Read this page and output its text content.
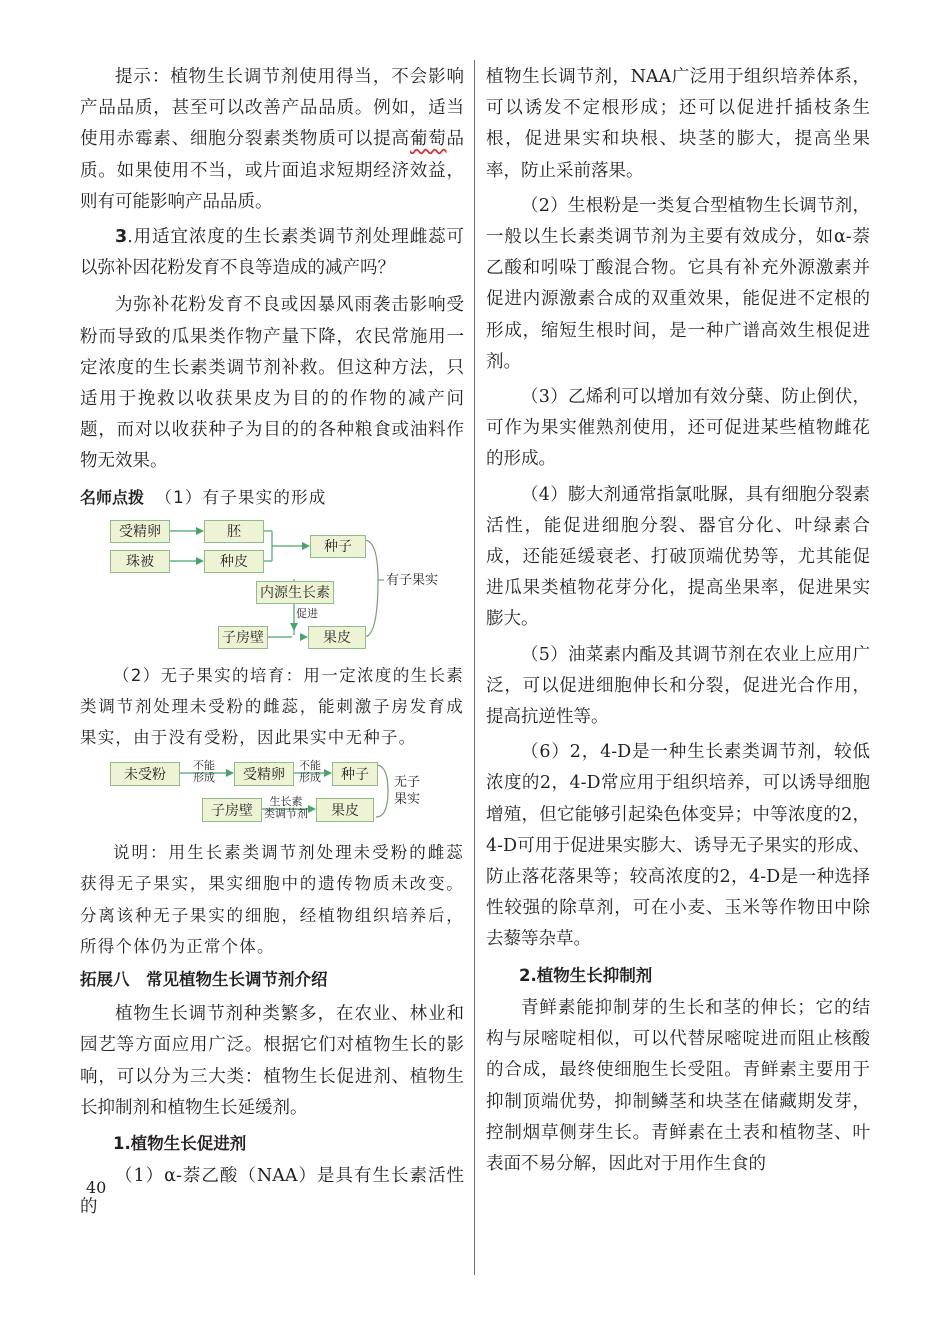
提示：植物生长调节剂使用得当，不会影响产品品质，甚至可以改善产品品质。例如，适当使用赤霉素、细胞分裂素类物质可以提高葡萄品质。如果使用不当，或片面追求短期经济效益，则有可能影响产品品质。

3.用适宜浓度的生长素类调节剂处理雌蕊可以弥补因花粉发育不良等造成的减产吗？

为弥补花粉发育不良或因暴风雨袭击影响受粉而导致的瓜果类作物产量下降，农民常施用一定浓度的生长素类调节剂补救。但这种方法，只适用于挽救以收获果皮为目的的作物的减产问题，而对以收获种子为目的的各种粮食或油料作物无效果。

名师点拨 （1）有子果实的形成
受精卵	胚
珠被	种皮
种子
内源生长素
促进
子房壁	果皮
有子果实

（2）无子果实的培育：用一定浓度的生长素类调节剂处理未受粉的雌蕊，能刺激子房发育成果实，由于没有受粉，因此果实中无种子。

未受粉
不能
形成	受精卵
不能
形成	种子
子房壁
生长素
类调节剂	果皮
无子
果实

说明：用生长素类调节剂处理未受粉的雌蕊获得无子果实，果实细胞中的遗传物质未改变。分离该种无子果实的细胞，经植物组织培养后，所得个体仍为正常个体。

拓展八　常见植物生长调节剂介绍

植物生长调节剂种类繁多，在农业、林业和园艺等方面应用广泛。根据它们对植物生长的影响，可以分为三大类：植物生长促进剂、植物生长抑制剂和植物生长延缓剂。

1.植物生长促进剂

（1）α-萘乙酸（NAA）是具有生长素活性的

植物生长调节剂，NAA广泛用于组织培养体系，可以诱发不定根形成；还可以促进扦插枝条生根，促进果实和块根、块茎的膨大，提高坐果率，防止采前落果。

（2）生根粉是一类复合型植物生长调节剂，一般以生长素类调节剂为主要有效成分，如α-萘乙酸和吲哚丁酸混合物。它具有补充外源激素并促进内源激素合成的双重效果，能促进不定根的形成，缩短生根时间，是一种广谱高效生根促进剂。

（3）乙烯利可以增加有效分蘖、防止倒伏，可作为果实催熟剂使用，还可促进某些植物雌花的形成。

（4）膨大剂通常指氯吡脲，具有细胞分裂素活性，能促进细胞分裂、器官分化、叶绿素合成，还能延缓衰老、打破顶端优势等，尤其能促进瓜果类植物花芽分化，提高坐果率，促进果实膨大。

（5）油菜素内酯及其调节剂在农业上应用广泛，可以促进细胞伸长和分裂，促进光合作用，提高抗逆性等。

（6）2，4-D是一种生长素类调节剂，较低浓度的2，4-D常应用于组织培养，可以诱导细胞增殖，但它能够引起染色体变异；中等浓度的2，4-D可用于促进果实膨大、诱导无子果实的形成、防止落花落果等；较高浓度的2，4-D是一种选择性较强的除草剂，可在小麦、玉米等作物田中除去藜等杂草。

2.植物生长抑制剂

青鲜素能抑制芽的生长和茎的伸长；它的结构与尿嘧啶相似，可以代替尿嘧啶进而阻止核酸的合成，最终使细胞生长受阻。青鲜素主要用于抑制顶端优势，抑制鳞茎和块茎在储藏期发芽，控制烟草侧芽生长。青鲜素在土表和植物茎、叶表面不易分解，因此对于用作生食的

40
